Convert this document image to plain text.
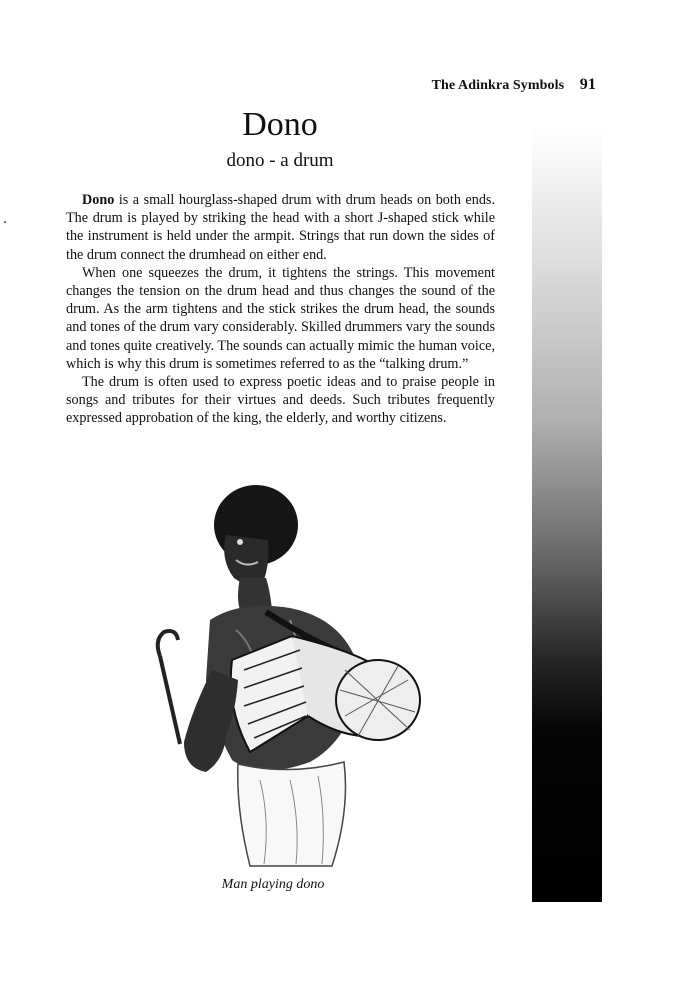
The Adinkra Symbols 91
Dono
dono - a drum

Dono is a small hourglass-shaped drum with drum heads on both ends. The drum is played by striking the head with a short J-shaped stick while the instrument is held under the armpit. Strings that run down the sides of the drum connect the drumhead on either end.

When one squeezes the drum, it tightens the strings. This movement changes the tension on the drum head and thus changes the sound of the drum. As the arm tightens and the stick strikes the drum head, the sounds and tones of the drum vary considerably. Skilled drummers vary the sounds and tones quite creatively. The sounds can actually mimic the human voice, which is why this drum is sometimes referred to as the “talking drum.”

The drum is often used to express poetic ideas and to praise people in songs and tributes for their virtues and deeds. Such tributes frequently expressed approbation of the king, the elderly, and worthy citizens.

Man playing dono
